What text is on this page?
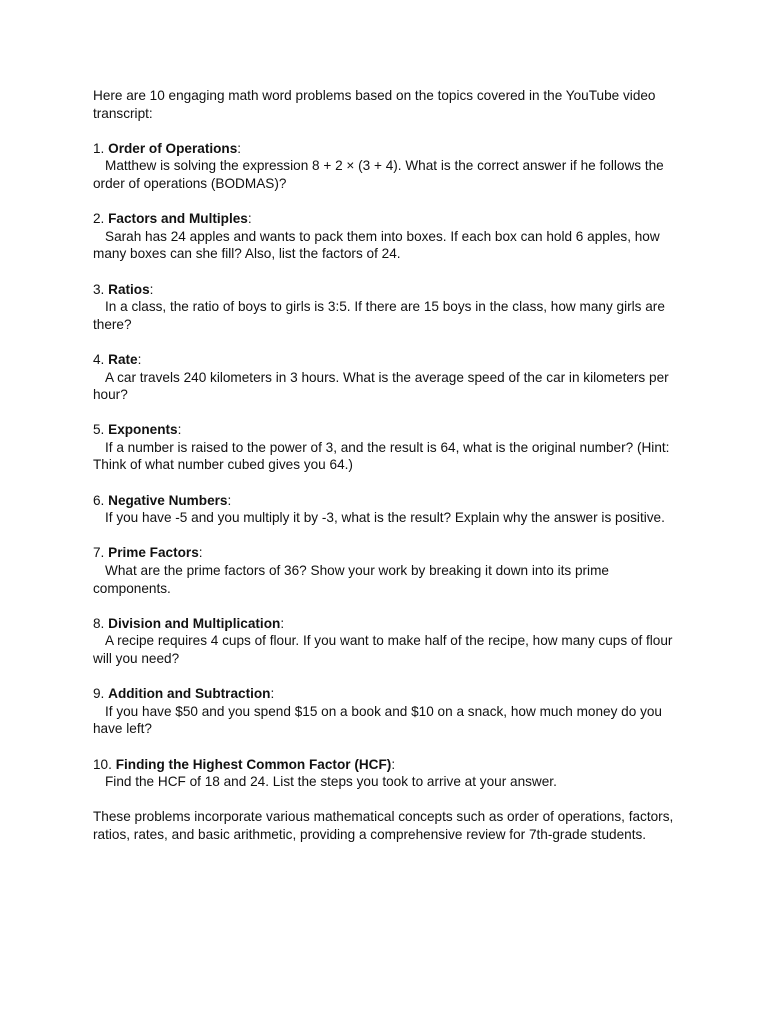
Here are 10 engaging math word problems based on the topics covered in the YouTube video transcript:

1. Order of Operations:

Matthew is solving the expression 8 + 2 × (3 + 4). What is the correct answer if he follows the order of operations (BODMAS)?

2. Factors and Multiples:

Sarah has 24 apples and wants to pack them into boxes. If each box can hold 6 apples, how many boxes can she fill? Also, list the factors of 24.

3. Ratios:

In a class, the ratio of boys to girls is 3:5. If there are 15 boys in the class, how many girls are there?

4. Rate:

A car travels 240 kilometers in 3 hours. What is the average speed of the car in kilometers per hour?

5. Exponents:

If a number is raised to the power of 3, and the result is 64, what is the original number? (Hint: Think of what number cubed gives you 64.)

6. Negative Numbers:

If you have -5 and you multiply it by -3, what is the result? Explain why the answer is positive.

7. Prime Factors:

What are the prime factors of 36? Show your work by breaking it down into its prime components.

8. Division and Multiplication:

A recipe requires 4 cups of flour. If you want to make half of the recipe, how many cups of flour will you need?

9. Addition and Subtraction:

If you have $50 and you spend $15 on a book and $10 on a snack, how much money do you have left?

10. Finding the Highest Common Factor (HCF):

Find the HCF of 18 and 24. List the steps you took to arrive at your answer.

These problems incorporate various mathematical concepts such as order of operations, factors, ratios, rates, and basic arithmetic, providing a comprehensive review for 7th-grade students.
